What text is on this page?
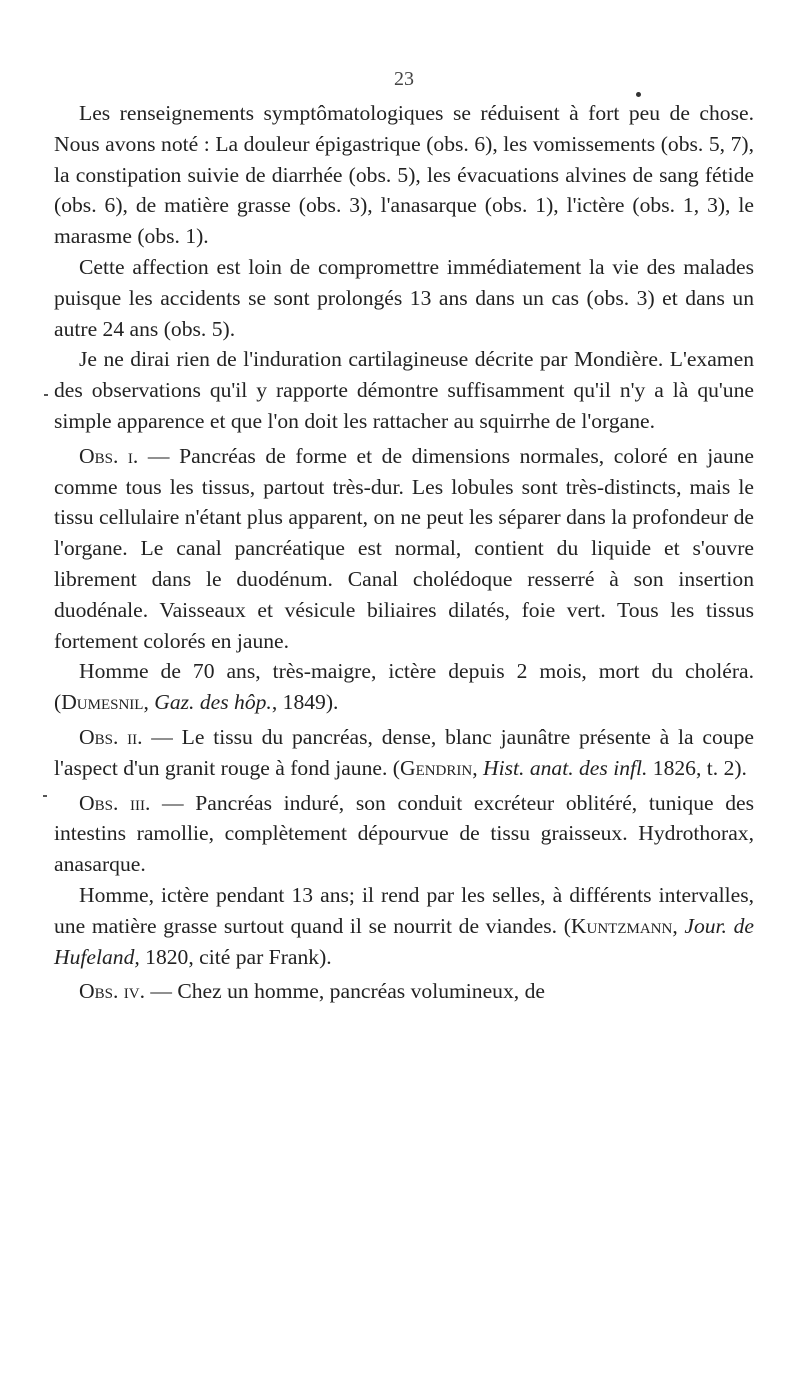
23

Les renseignements symptômatologiques se réduisent à fort peu de chose. Nous avons noté : La douleur épigastrique (obs. 6), les vomissements (obs. 5, 7), la constipation suivie de diarrhée (obs. 5), les évacuations alvines de sang fétide (obs. 6), de matière grasse (obs. 3), l'anasarque (obs. 1), l'ictère (obs. 1, 3), le marasme (obs. 1).

Cette affection est loin de compromettre immédiatement la vie des malades puisque les accidents se sont prolongés 13 ans dans un cas (obs. 3) et dans un autre 24 ans (obs. 5).

Je ne dirai rien de l'induration cartilagineuse décrite par Mondière. L'examen des observations qu'il y rapporte démontre suffisamment qu'il n'y a là qu'une simple apparence et que l'on doit les rattacher au squirrhe de l'organe.

Obs. i. — Pancréas de forme et de dimensions normales, coloré en jaune comme tous les tissus, partout très-dur. Les lobules sont très-distincts, mais le tissu cellulaire n'étant plus apparent, on ne peut les séparer dans la profondeur de l'organe. Le canal pancréatique est normal, contient du liquide et s'ouvre librement dans le duodénum. Canal cholédoque resserré à son insertion duodénale. Vaisseaux et vésicule biliaires dilatés, foie vert. Tous les tissus fortement colorés en jaune.

Homme de 70 ans, très-maigre, ictère depuis 2 mois, mort du choléra. (Dumesnil, Gaz. des hôp., 1849).

Obs. ii. — Le tissu du pancréas, dense, blanc jaunâtre présente à la coupe l'aspect d'un granit rouge à fond jaune. (Gendrin, Hist. anat. des infl. 1826, t. 2).

Obs. iii. — Pancréas induré, son conduit excréteur oblitéré, tunique des intestins ramollie, complètement dépourvue de tissu graisseux. Hydrothorax, anasarque.

Homme, ictère pendant 13 ans; il rend par les selles, à différents intervalles, une matière grasse surtout quand il se nourrit de viandes. (Kuntzmann, Jour. de Hufeland, 1820, cité par Frank).

Obs. iv. — Chez un homme, pancréas volumineux, de
